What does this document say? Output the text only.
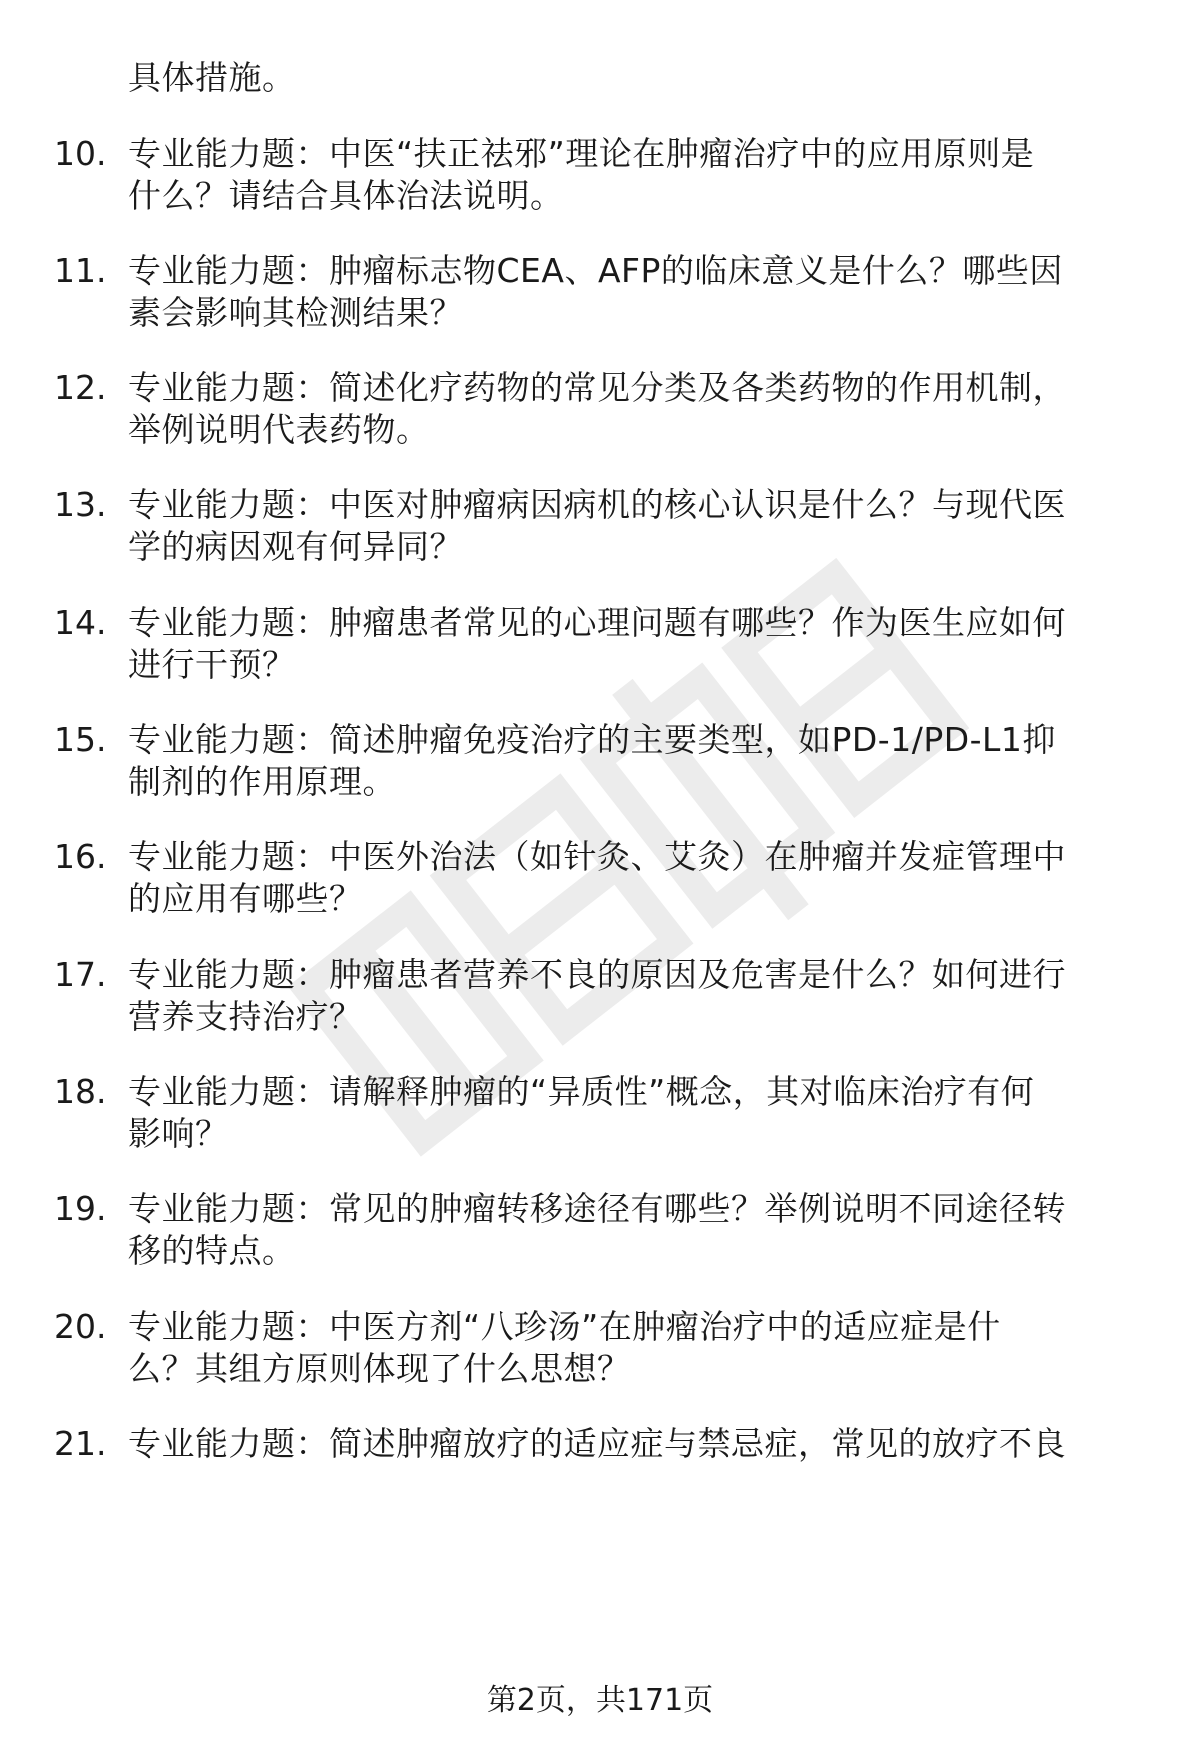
具体措施。
10. 专业能力题：中医“扶正祛邪”理论在肿瘤治疗中的应用原则是
什么？请结合具体治法说明。
11. 专业能力题：肿瘤标志物CEA、AFP的临床意义是什么？哪些因
素会影响其检测结果？
12. 专业能力题：简述化疗药物的常见分类及各类药物的作用机制，
举例说明代表药物。
13. 专业能力题：中医对肿瘤病因病机的核心认识是什么？与现代医
学的病因观有何异同？
14. 专业能力题：肿瘤患者常见的心理问题有哪些？作为医生应如何
进行干预？
15. 专业能力题：简述肿瘤免疫治疗的主要类型，如PD-1/PD-L1抑
制剂的作用原理。
16. 专业能力题：中医外治法（如针灸、艾灸）在肿瘤并发症管理中
的应用有哪些？
17. 专业能力题：肿瘤患者营养不良的原因及危害是什么？如何进行
营养支持治疗？
18. 专业能力题：请解释肿瘤的“异质性”概念，其对临床治疗有何
影响？
19. 专业能力题：常见的肿瘤转移途径有哪些？举例说明不同途径转
移的特点。
20. 专业能力题：中医方剂“八珍汤”在肿瘤治疗中的适应症是什
么？其组方原则体现了什么思想？
21. 专业能力题：简述肿瘤放疗的适应症与禁忌症，常见的放疗不良
第2页，共171页
